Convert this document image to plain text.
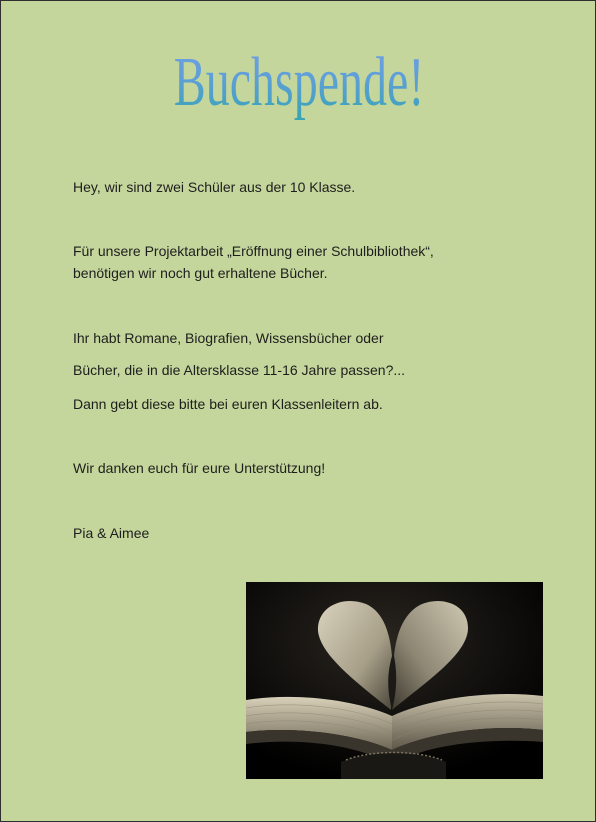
Buchspende!

Hey, wir sind zwei Schüler aus der 10 Klasse.

Für unsere Projektarbeit „Eröffnung einer Schulbibliothek“,

benötigen wir noch gut erhaltene Bücher.

Ihr habt Romane, Biografien, Wissensbücher oder

Bücher, die in die Altersklasse 11-16 Jahre passen?...

Dann gebt diese bitte bei euren Klassenleitern ab.

Wir danken euch für eure Unterstützung!

Pia & Aimee
